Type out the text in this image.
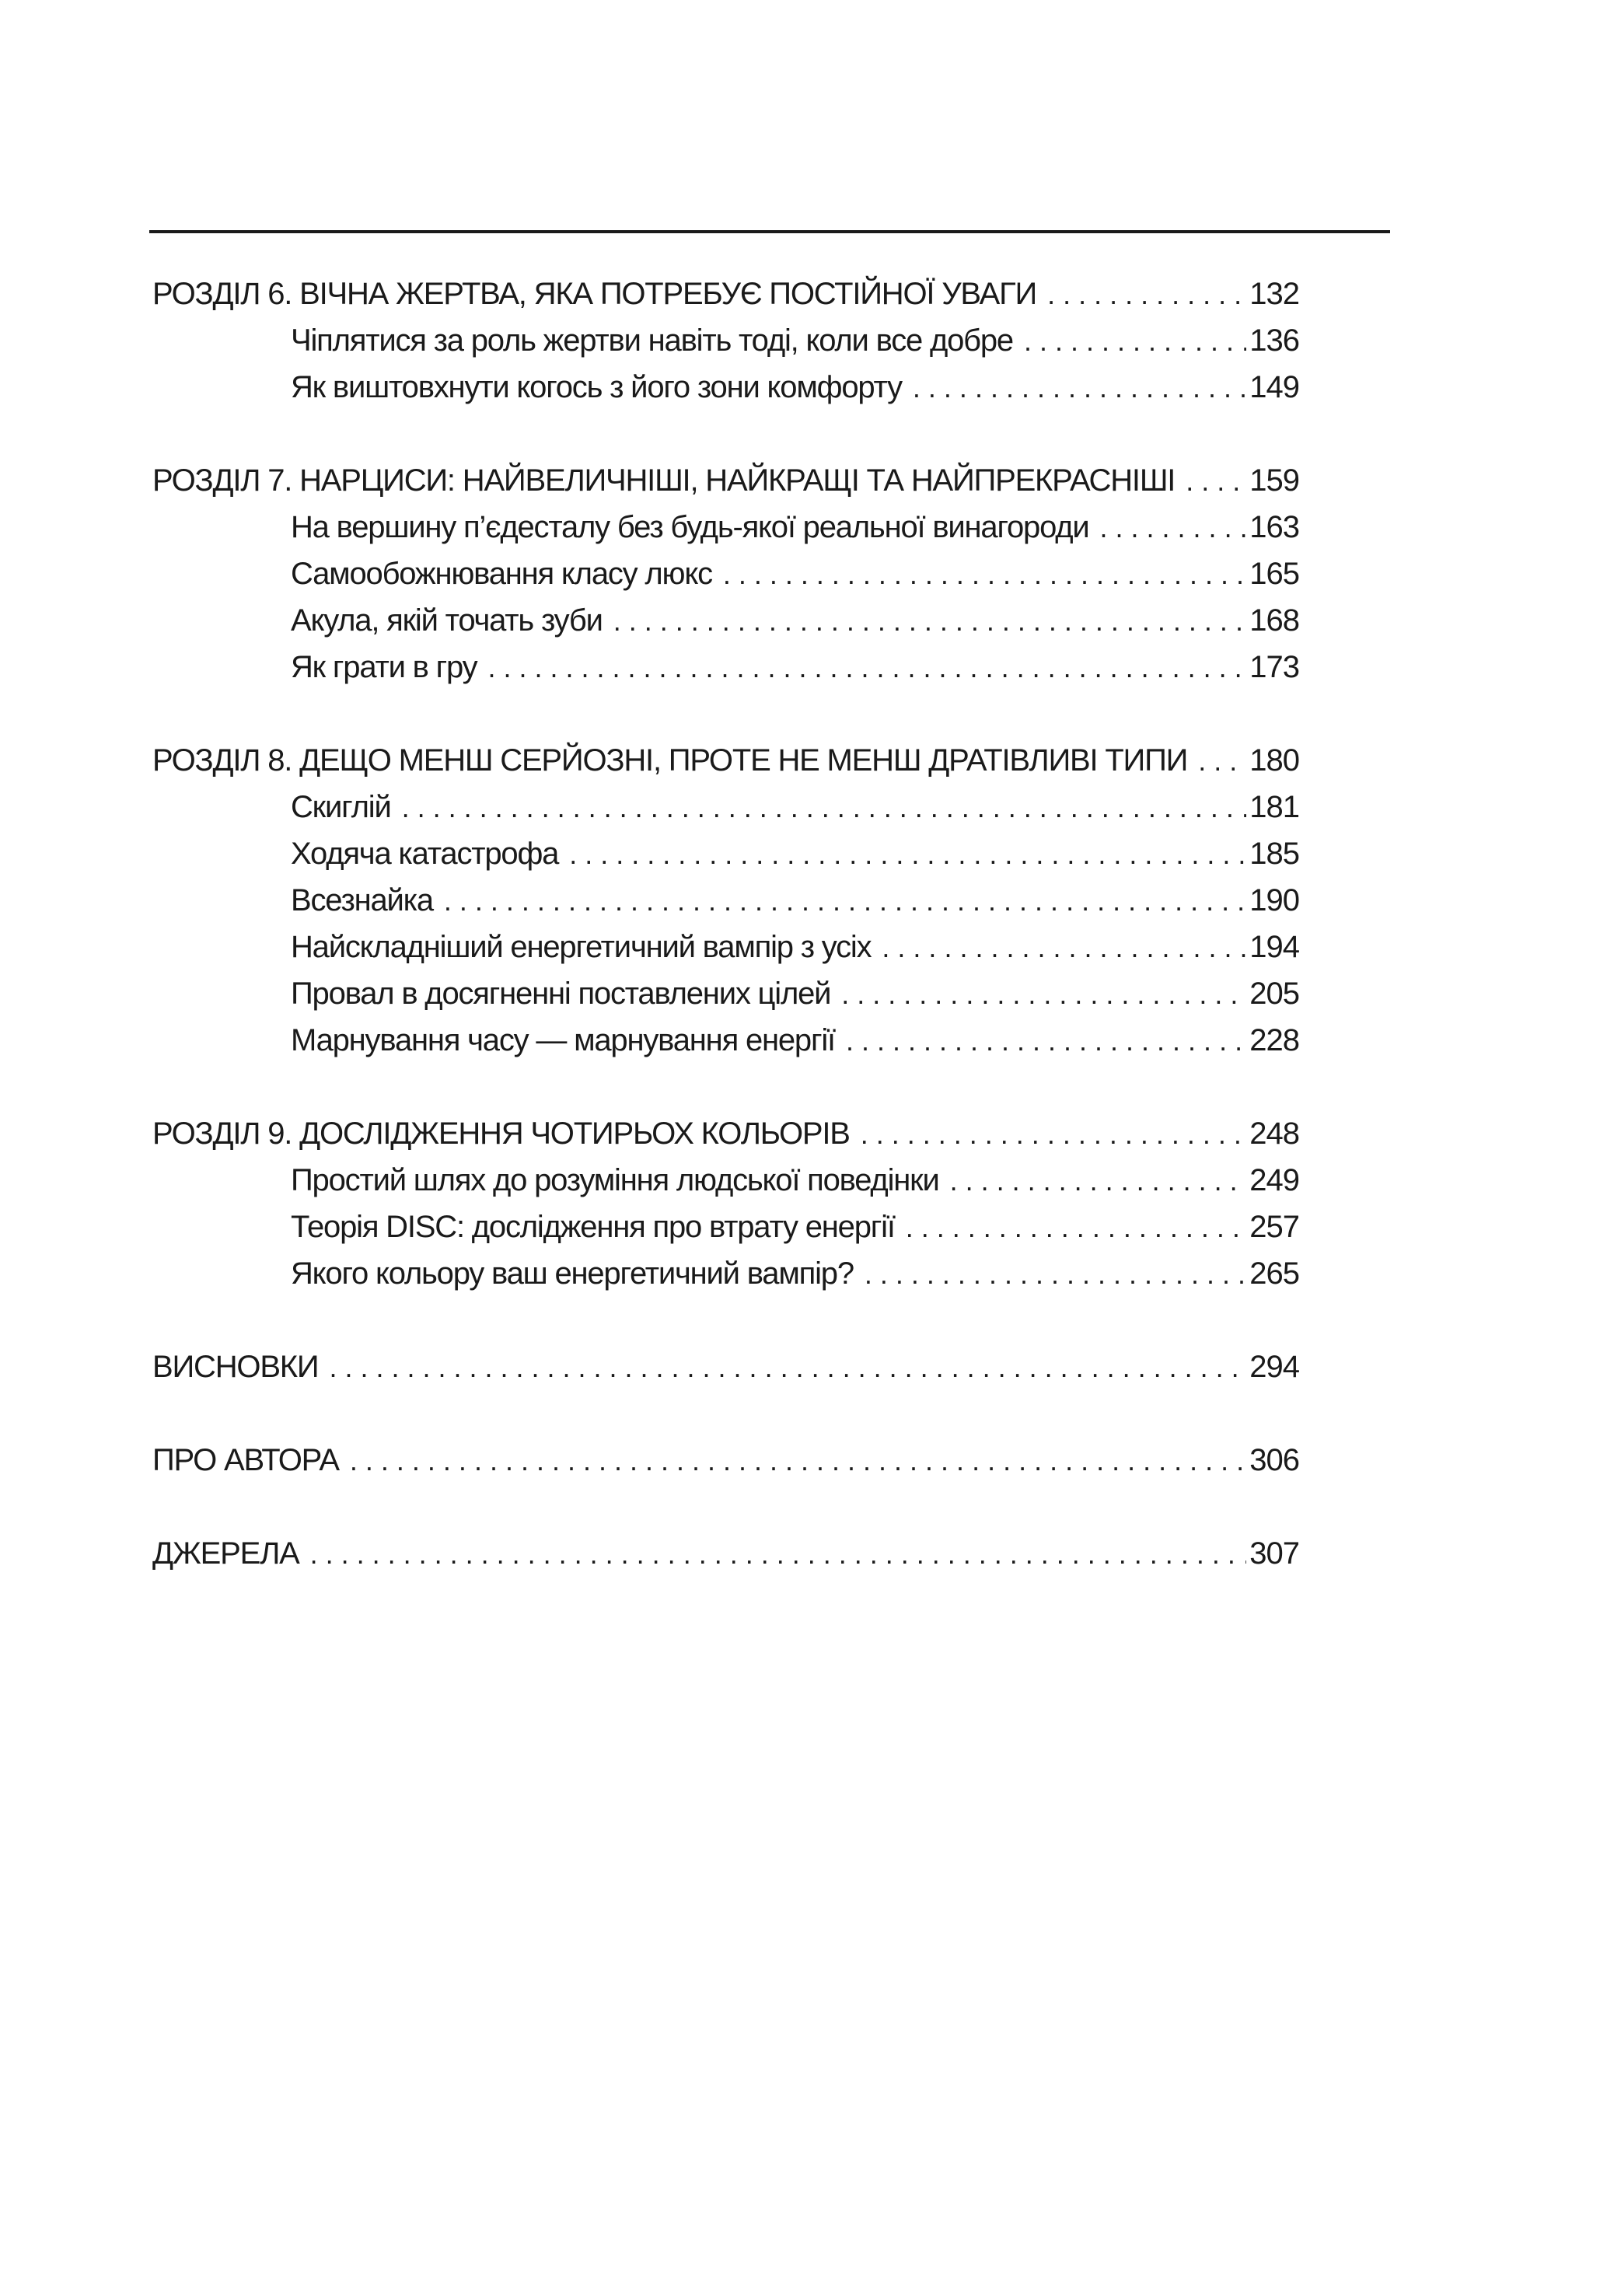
РОЗДІЛ 6. ВІЧНА ЖЕРТВА, ЯКА ПОТРЕБУЄ ПОСТІЙНОЇ УВАГИ . . .	132
Чіплятися за роль жертви навіть тоді, коли все добре . . .	136
Як виштовхнути когось з його зони комфорту . . .	149
РОЗДІЛ 7. НАРЦИСИ: НАЙВЕЛИЧНІШІ, НАЙКРАЩІ ТА НАЙПРЕКРАСНІШІ . . .	159
На вершину п’єдесталу без будь-якої реальної винагороди . . .	163
Самообожнювання класу люкс . . .	165
Акула, якій точать зуби . . .	168
Як грати в гру . . .	173
РОЗДІЛ 8. ДЕЩО МЕНШ СЕРЙОЗНІ, ПРОТЕ НЕ МЕНШ ДРАТІВЛИВІ ТИПИ . . .	180
Скиглій . . .	181
Ходяча катастрофа . . .	185
Всезнайка . . .	190
Найскладніший енергетичний вампір з усіх . . .	194
Провал в досягненні поставлених цілей . . .	205
Марнування часу — марнування енергії . . .	228
РОЗДІЛ 9. ДОСЛІДЖЕННЯ ЧОТИРЬОХ КОЛЬОРІВ . . .	248
Простий шлях до розуміння людської поведінки . . .	249
Теорія DISC: дослідження про втрату енергії . . .	257
Якого кольору ваш енергетичний вампір? . . .	265
ВИСНОВКИ . . .	294
ПРО АВТОРА . . .	306
ДЖЕРЕЛА . . .	307
